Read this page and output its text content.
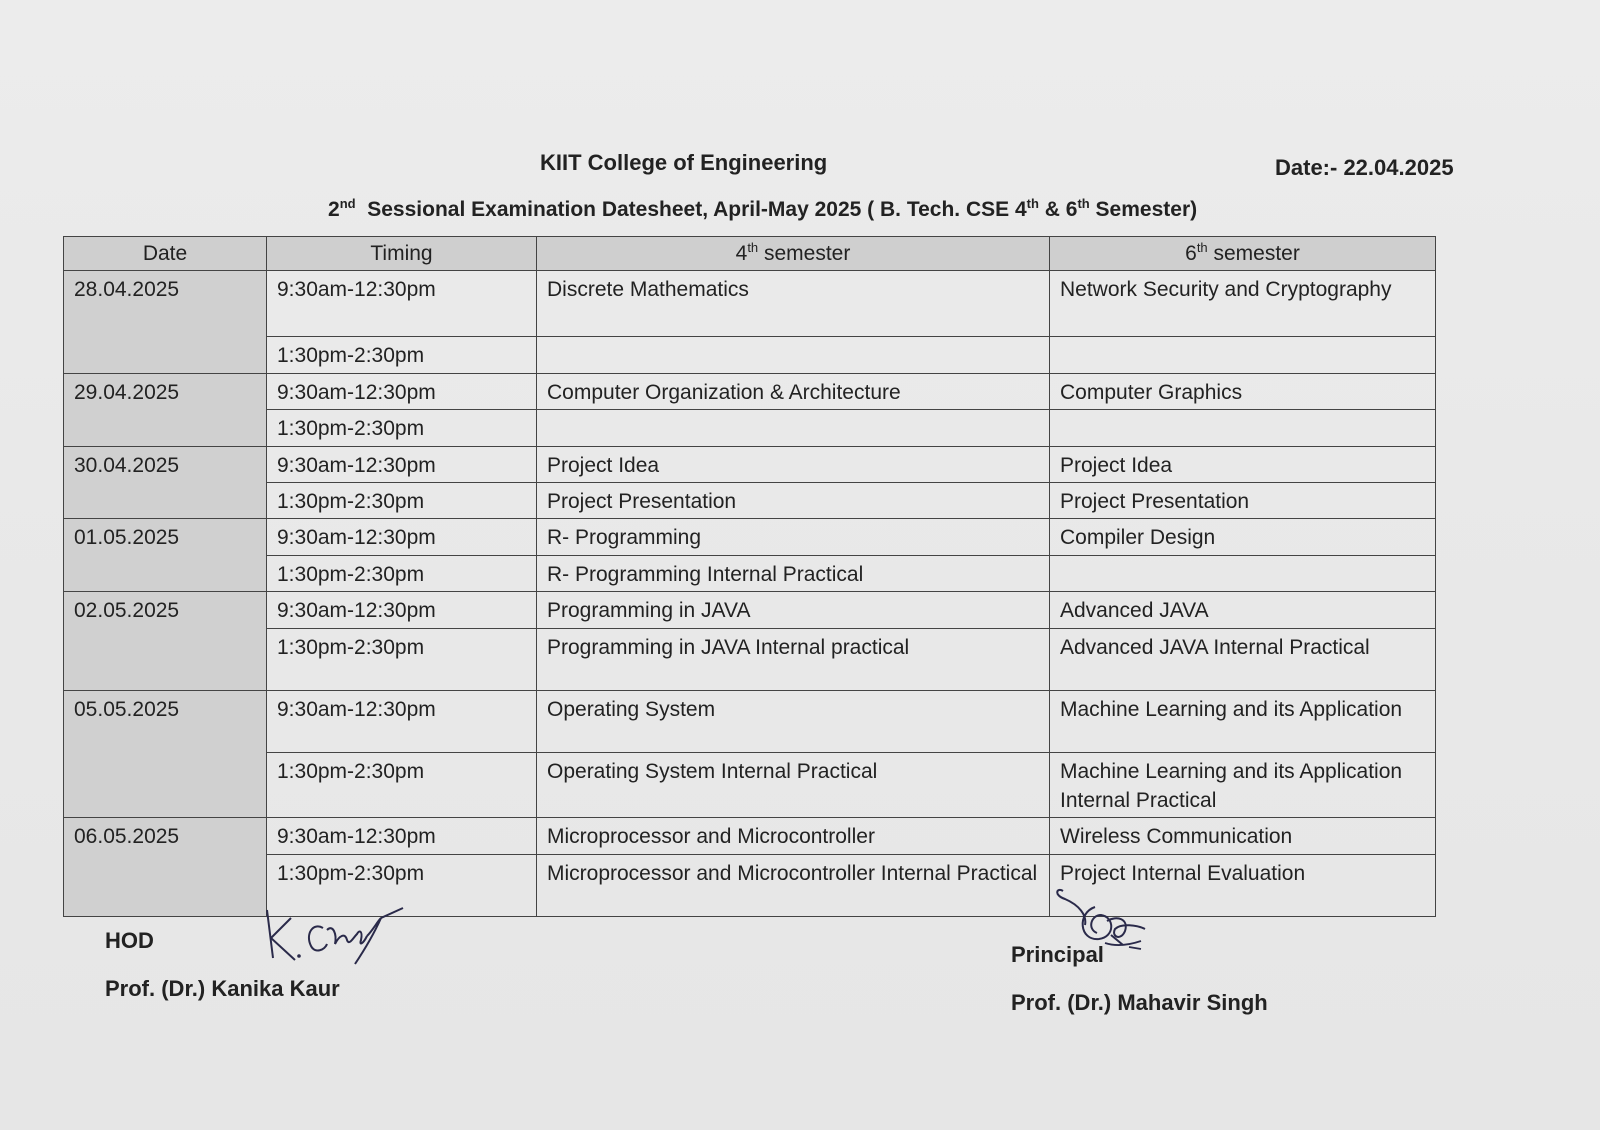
KIIT College of Engineering	Date:- 22.04.2025
2nd Sessional Examination Datesheet, April-May 2025 ( B. Tech. CSE 4th & 6th Semester)
Date	Timing	4th semester	6th semester
28.04.2025	9:30am-12:30pm	Discrete Mathematics	Network Security and Cryptography
	1:30pm-2:30pm		
29.04.2025	9:30am-12:30pm	Computer Organization & Architecture	Computer Graphics
	1:30pm-2:30pm		
30.04.2025	9:30am-12:30pm	Project Idea	Project Idea
	1:30pm-2:30pm	Project Presentation	Project Presentation
01.05.2025	9:30am-12:30pm	R- Programming	Compiler Design
	1:30pm-2:30pm	R- Programming Internal Practical	
02.05.2025	9:30am-12:30pm	Programming in JAVA	Advanced JAVA
	1:30pm-2:30pm	Programming in JAVA Internal practical	Advanced JAVA Internal Practical
05.05.2025	9:30am-12:30pm	Operating System	Machine Learning and its Application
	1:30pm-2:30pm	Operating System Internal Practical	Machine Learning and its Application Internal Practical
06.05.2025	9:30am-12:30pm	Microprocessor and Microcontroller	Wireless Communication
	1:30pm-2:30pm	Microprocessor and Microcontroller Internal Practical	Project Internal Evaluation
HOD
Prof. (Dr.) Kanika Kaur
Principal
Prof. (Dr.) Mahavir Singh
